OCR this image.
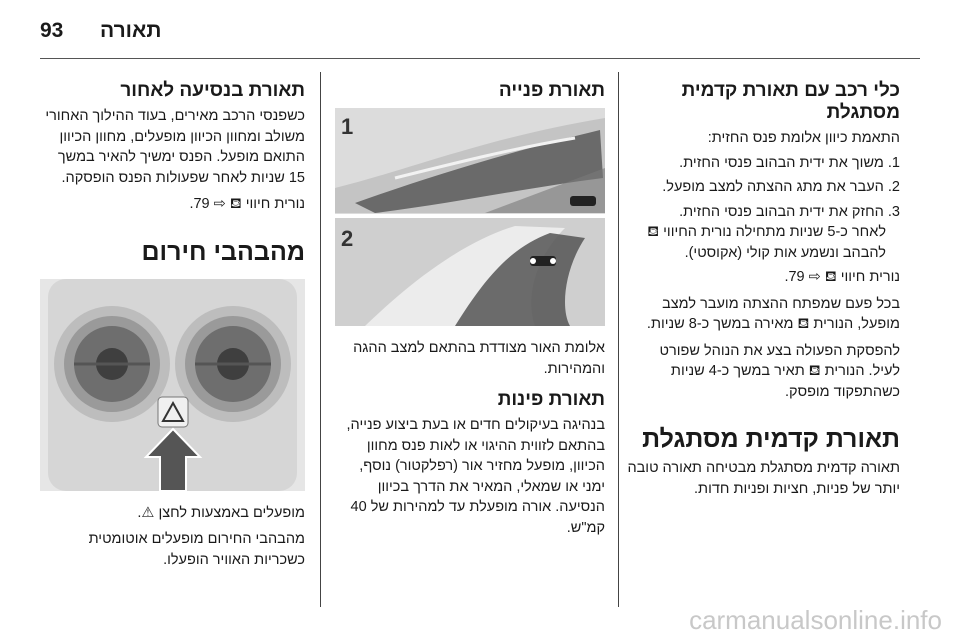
93 תאורה
כלי רכב עם תאורת קדמית מסתגלת

התאמת כיוון אלומת פנס החזית:

1. משוך את ידית הבהוב פנסי החזית.
2. העבר את מתג ההצתה למצב מופעל.
3. החזק את ידית הבהוב פנסי החזית.
לאחר כ-5 שניות מתחילה נורית החיווי ⛾ להבהב ונשמע אות קולי (אקוסטי).

נורית חיווי ⛾ ⇨ 79.

בכל פעם שמפתח ההצתה מועבר למצב מופעל, הנורית ⛾ מאירה במשך כ-8 שניות.

להפסקת הפעולה בצע את הנוהל שפורט לעיל. הנורית ⛾ תאיר במשך כ-4 שניות כשהתפקוד מופסק.

תאורת קדמית מסתגלת

תאורה קדמית מסתגלת מבטיחה תאורה טובה יותר של פניות, חציות ופניות חדות.

תאורת פנייה
1
2

אלומת האור מצודדת בהתאם למצב ההגה והמהירות.

תאורת פינות

בנהיגה בעיקולים חדים או בעת ביצוע פנייה, בהתאם לזווית ההיגוי או לאות פנס מחוון הכיוון, מופעל מחזיר אור (רפלקטור) נוסף, ימני או שמאלי, המאיר את הדרך בכיוון הנסיעה. אורה מופעלת עד למהירות של 40 קמ"ש.

תאורת בנסיעה לאחור

כשפנסי הרכב מאירים, בעוד ההילוך האחורי משולב ומחוון הכיוון מופעלים, מחוון הכיוון התואם מופעל. הפנס ימשיך להאיר במשך 15 שניות לאחר שפעולות הפנס הופסקה.

נורית חיווי ⛾ ⇨ 79.

מהבהבי חירום

מופעלים באמצעות לחצן ⚠.

מהבהבי החירום מופעלים אוטומטית כשכריות האוויר הופעלו.

carmanualsonline.info
